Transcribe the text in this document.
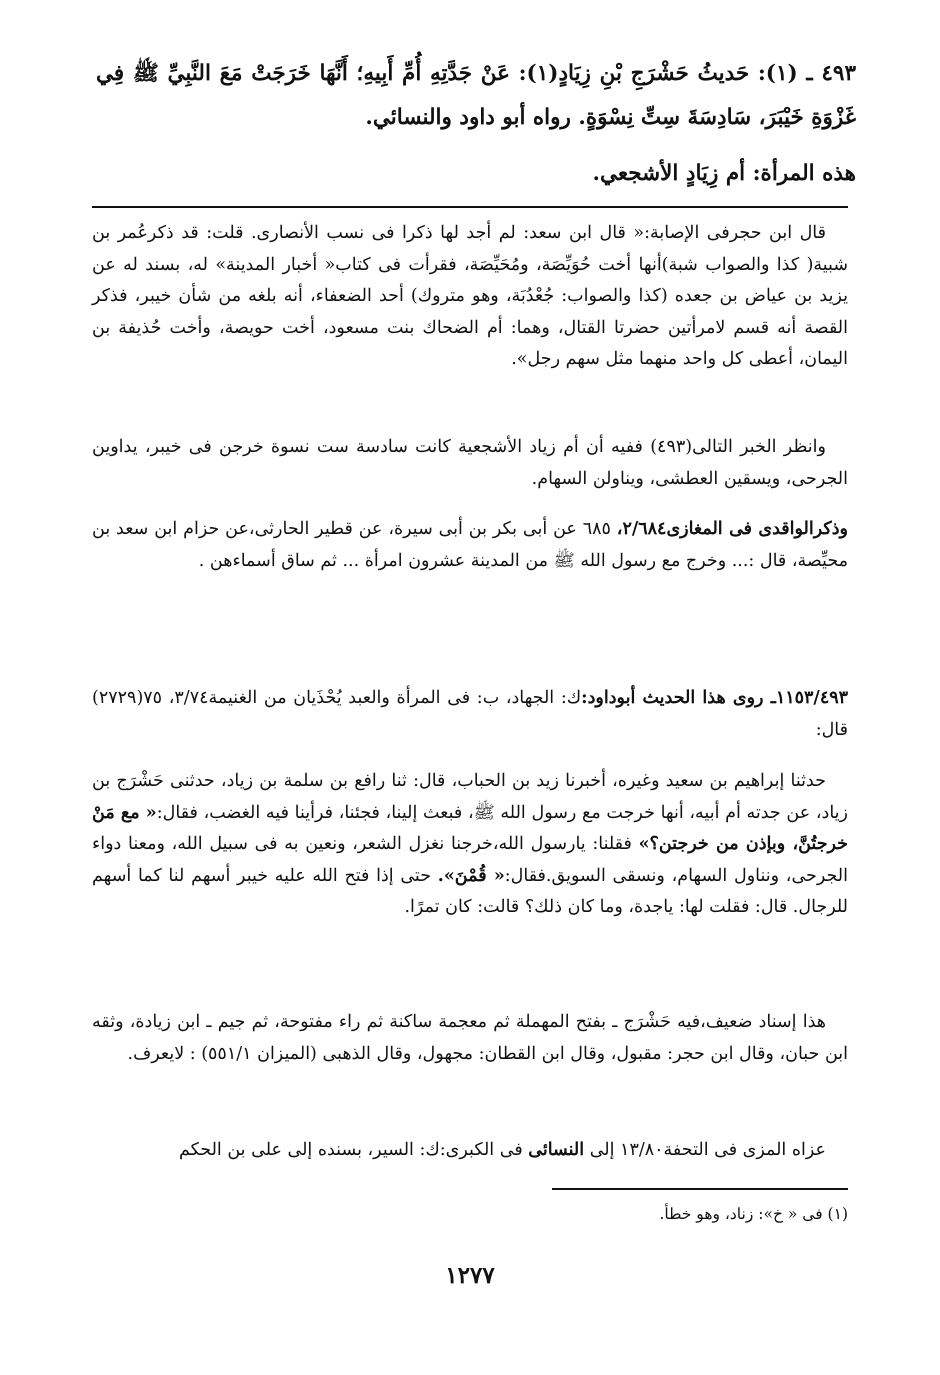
٤٩٣ ـ (١): حَديثُ حَشْرَجِ بْنِ زِيَادٍ(١): عَنْ جَدَّتِهِ أُمِّ أَبِيهِ؛ أَنَّهَا خَرَجَتْ مَعَ النَّبِيِّ ﷺ فِي غَزْوَةِ خَيْبَرَ، سَادِسَةَ سِتِّ نِسْوَةٍ. رواه أبو داود والنسائي.
هذه المرأة: أم زِيَادٍ الأشجعي.
قال ابن حجرفى الإصابة:« قال ابن سعد: لم أجد لها ذكرا فى نسب الأنصارى. قلت: قد ذكرعُمر بن شبية( كذا والصواب شبة)أنها أخت حُوَيِّصَة، ومُحَيِّصَة، فقرأت فى كتاب« أخبار المدينة» له، بسند له عن يزيد بن عياض بن جعده (كذا والصواب: جُعْدُبَة، وهو متروك) أحد الضعفاء، أنه بلغه من شأن خيبر، فذكر القصة أنه قسم لامرأتين حضرتا القتال، وهما: أم الضحاك بنت مسعود، أخت حويصة، وأخت حُذيفة بن اليمان، أعطى كل واحد منهما مثل سهم رجل».
وانظر الخبر التالى(٤٩٣) ففيه أن أم زياد الأشجعية كانت سادسة ست نسوة خرجن فى خيبر، يداوين الجرحى، ويسقين العطشى، ويناولن السهام.
وذكرالواقدى فى المغازى٢/٦٨٤، ٦٨٥ عن أبى بكر بن أبى سيرة، عن قطير الحارثى،عن حزام ابن سعد بن محيِّصة، قال :... وخرج مع رسول الله ﷺ من المدينة عشرون امرأة ... ثم ساق أسماءهن .
١١٥٣/٤٩٣ـ روى هذا الحديث أبوداود:ك: الجهاد، ب: فى المرأة والعبد يُحْذَيان من الغنيمة٣/٧٤، ٧٥(٢٧٢٩) قال:
حدثنا إبراهيم بن سعيد وغيره، أخبرنا زيد بن الحباب، قال: ثنا رافع بن سلمة بن زياد، حدثنى حَشْرَج بن زياد، عن جدته أم أبيه، أنها خرجت مع رسول الله ﷺ، فبعث إلينا، فجئنا، فرأينا فيه الغضب، فقال:« مع مَنْ خرجتُنَّ، وبإذن من خرجتن؟» فقلنا: يارسول الله،خرجنا نغزل الشعر، ونعين به فى سبيل الله، ومعنا دواء الجرحى، ونناول السهام، ونسقى السويق.فقال:« قُمْنَ». حتى إذا فتح الله عليه خيبر أسهم لنا كما أسهم للرجال. قال: فقلت لها: ياجدة، وما كان ذلك؟ قالت: كان تمرًا.
هذا إسناد ضعيف،فيه حَشْرَج ـ بفتح المهملة ثم معجمة ساكنة ثم راء مفتوحة، ثم جيم ـ ابن زيادة، وثقه ابن حبان، وقال ابن حجر: مقبول، وقال ابن القطان: مجهول، وقال الذهبى (الميزان ٥٥١/١) : لايعرف.
عزاه المزى فى التحفة١٣/٨٠ إلى النسائى فى الكبرى:ك: السير، بسنده إلى على بن الحكم
(١) فى « خ»: زناد، وهو خطأ.
١٢٧٧
